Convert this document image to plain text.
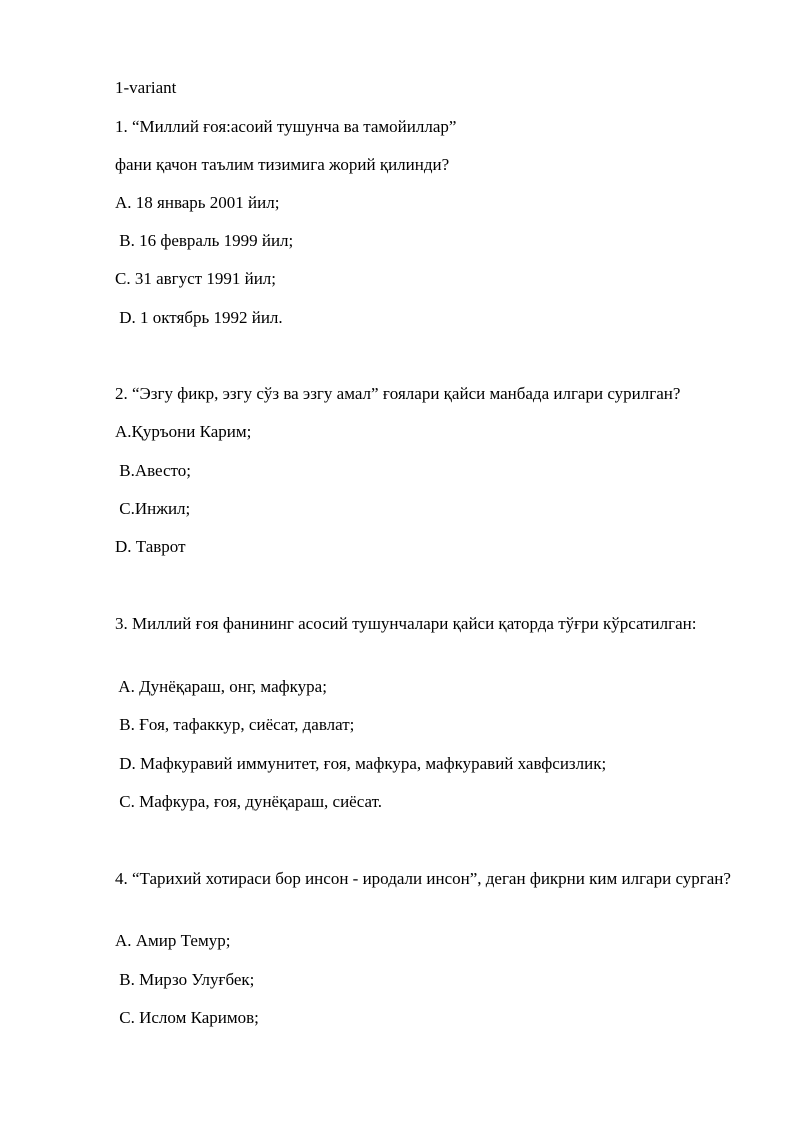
1-variant
1. “Миллий ғоя:асоий тушунча ва тамойиллар”
фани қачон таълим тизимига жорий қилинди?
A. 18 январь 2001 йил;
B. 16 февраль 1999 йил;
C. 31 август 1991 йил;
D. 1 октябрь 1992 йил.
2. “Эзгу фикр, эзгу сўз ва эзгу амал” ғоялари қайси манбада илгари сурилган?
A.Қуръони Карим;
B.Авесто;
C.Инжил;
D. Таврот
3. Миллий ғоя фанининг асосий тушунчалари қайси қаторда тўғри кўрсатилган:
A. Дунёқараш, онг, мафкура;
B. Ғоя, тафаккур, сиёсат, давлат;
D. Мафкуравий иммунитет, ғоя, мафкура, мафкуравий хавфсизлик;
C. Мафкура, ғоя, дунёқараш, сиёсат.
4. “Тарихий хотираси бор инсон - иродали инсон”, деган фикрни ким илгари сурган?
A. Амир Темур;
B. Мирзо Улуғбек;
C. Ислом Каримов;
